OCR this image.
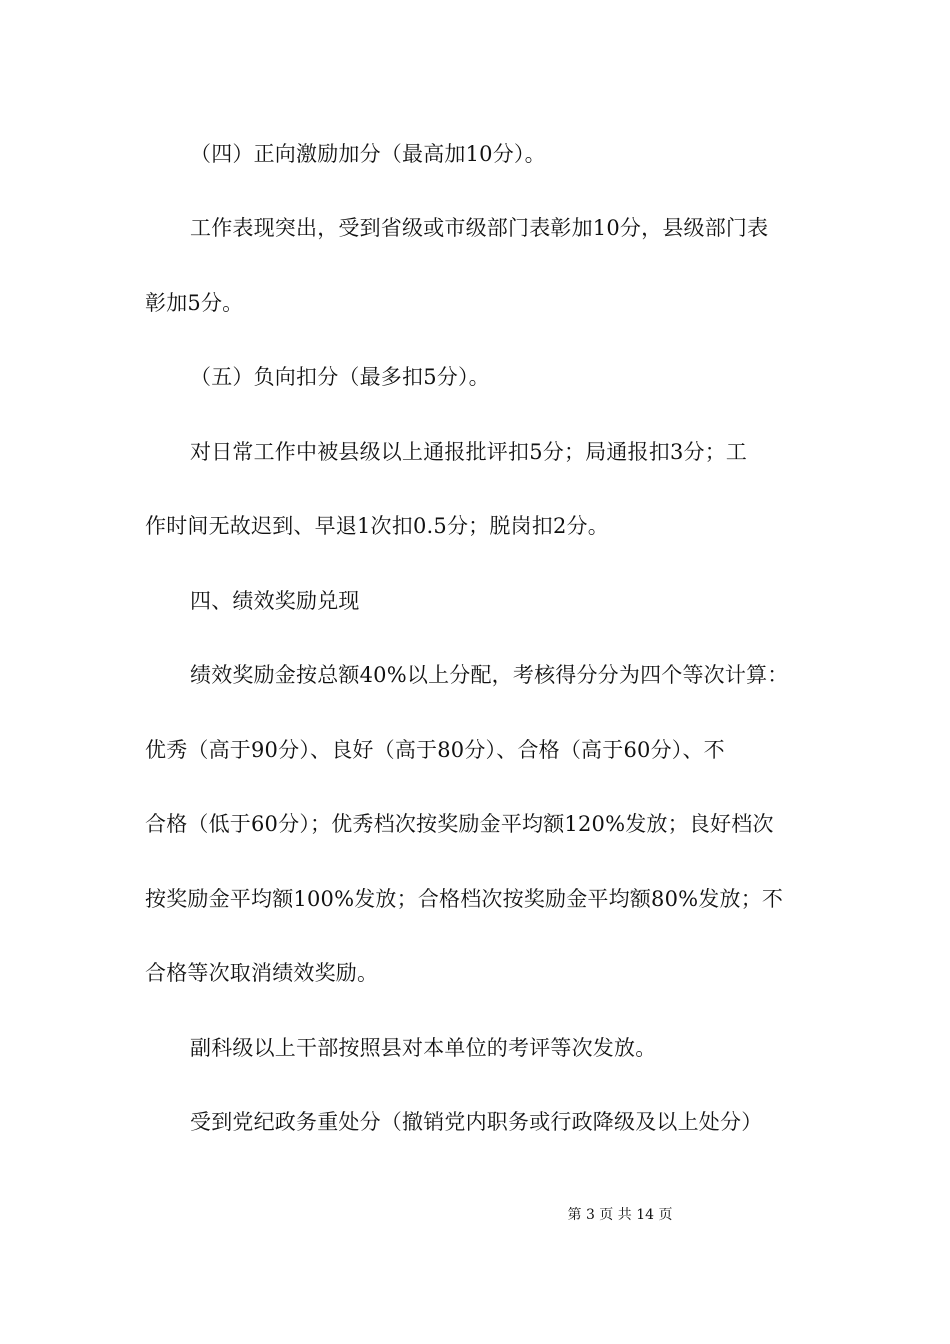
（四）正向激励加分（最高加10分）。
工作表现突出，受到省级或市级部门表彰加10分，县级部门表
彰加5分。
（五）负向扣分（最多扣5分）。
对日常工作中被县级以上通报批评扣5分；局通报扣3分；工
作时间无故迟到、早退1次扣0.5分；脱岗扣2分。
四、绩效奖励兑现
绩效奖励金按总额40%以上分配，考核得分分为四个等次计算：
优秀（高于90分）、良好（高于80分）、合格（高于60分）、不
合格（低于60分）；优秀档次按奖励金平均额120%发放；良好档次
按奖励金平均额100%发放；合格档次按奖励金平均额80%发放；不
合格等次取消绩效奖励。
副科级以上干部按照县对本单位的考评等次发放。
受到党纪政务重处分（撤销党内职务或行政降级及以上处分）
第 3 页 共 14 页
